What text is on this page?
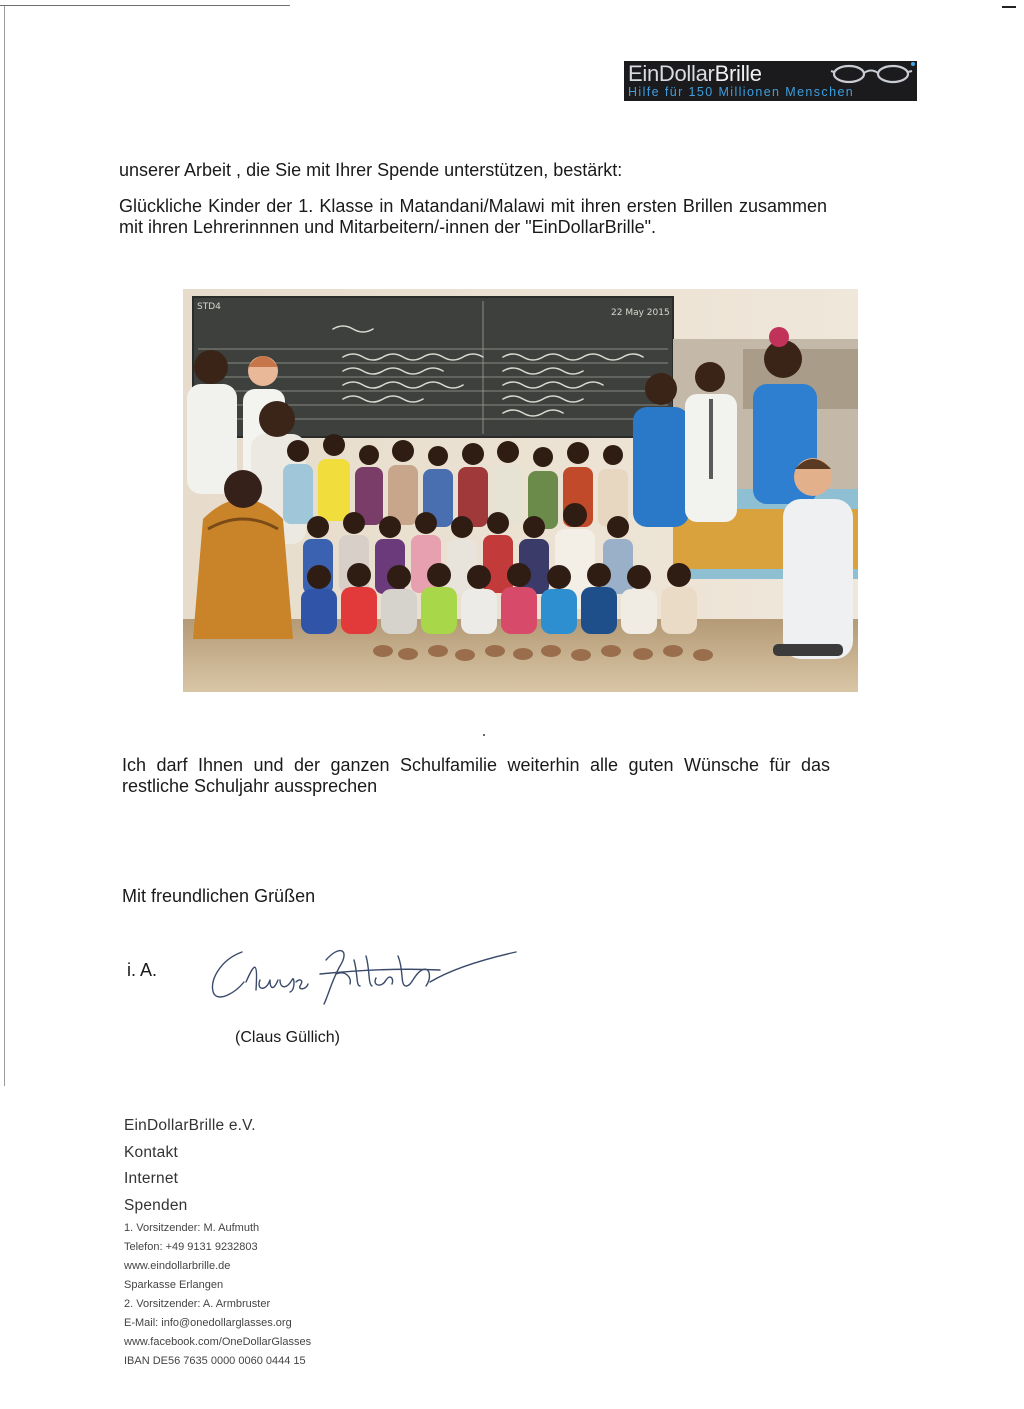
EinDollarBrille
Hilfe für 150 Millionen Menschen

unserer Arbeit , die Sie mit Ihrer Spende unterstützen, bestärkt:

Glückliche Kinder der 1. Klasse in Matandani/Malawi mit ihren ersten Brillen zusammen mit ihren Lehrerinnnen und Mitarbeitern/-innen der "EinDollarBrille".

STD4
22 May 2015

Ich darf Ihnen und der ganzen Schulfamilie weiterhin alle guten Wünsche für das restliche Schuljahr aussprechen

Mit freundlichen Grüßen

i. A.

(Claus Güllich)

EinDollarBrille e.V.
Kontakt
Internet
Spenden
1. Vorsitzender: M. Aufmuth
Telefon: +49 9131 9232803
www.eindollarbrille.de
Sparkasse Erlangen
2. Vorsitzender: A. Armbruster
E-Mail: info@onedollarglasses.org
www.facebook.com/OneDollarGlasses
IBAN DE56 7635 0000 0060 0444 15
